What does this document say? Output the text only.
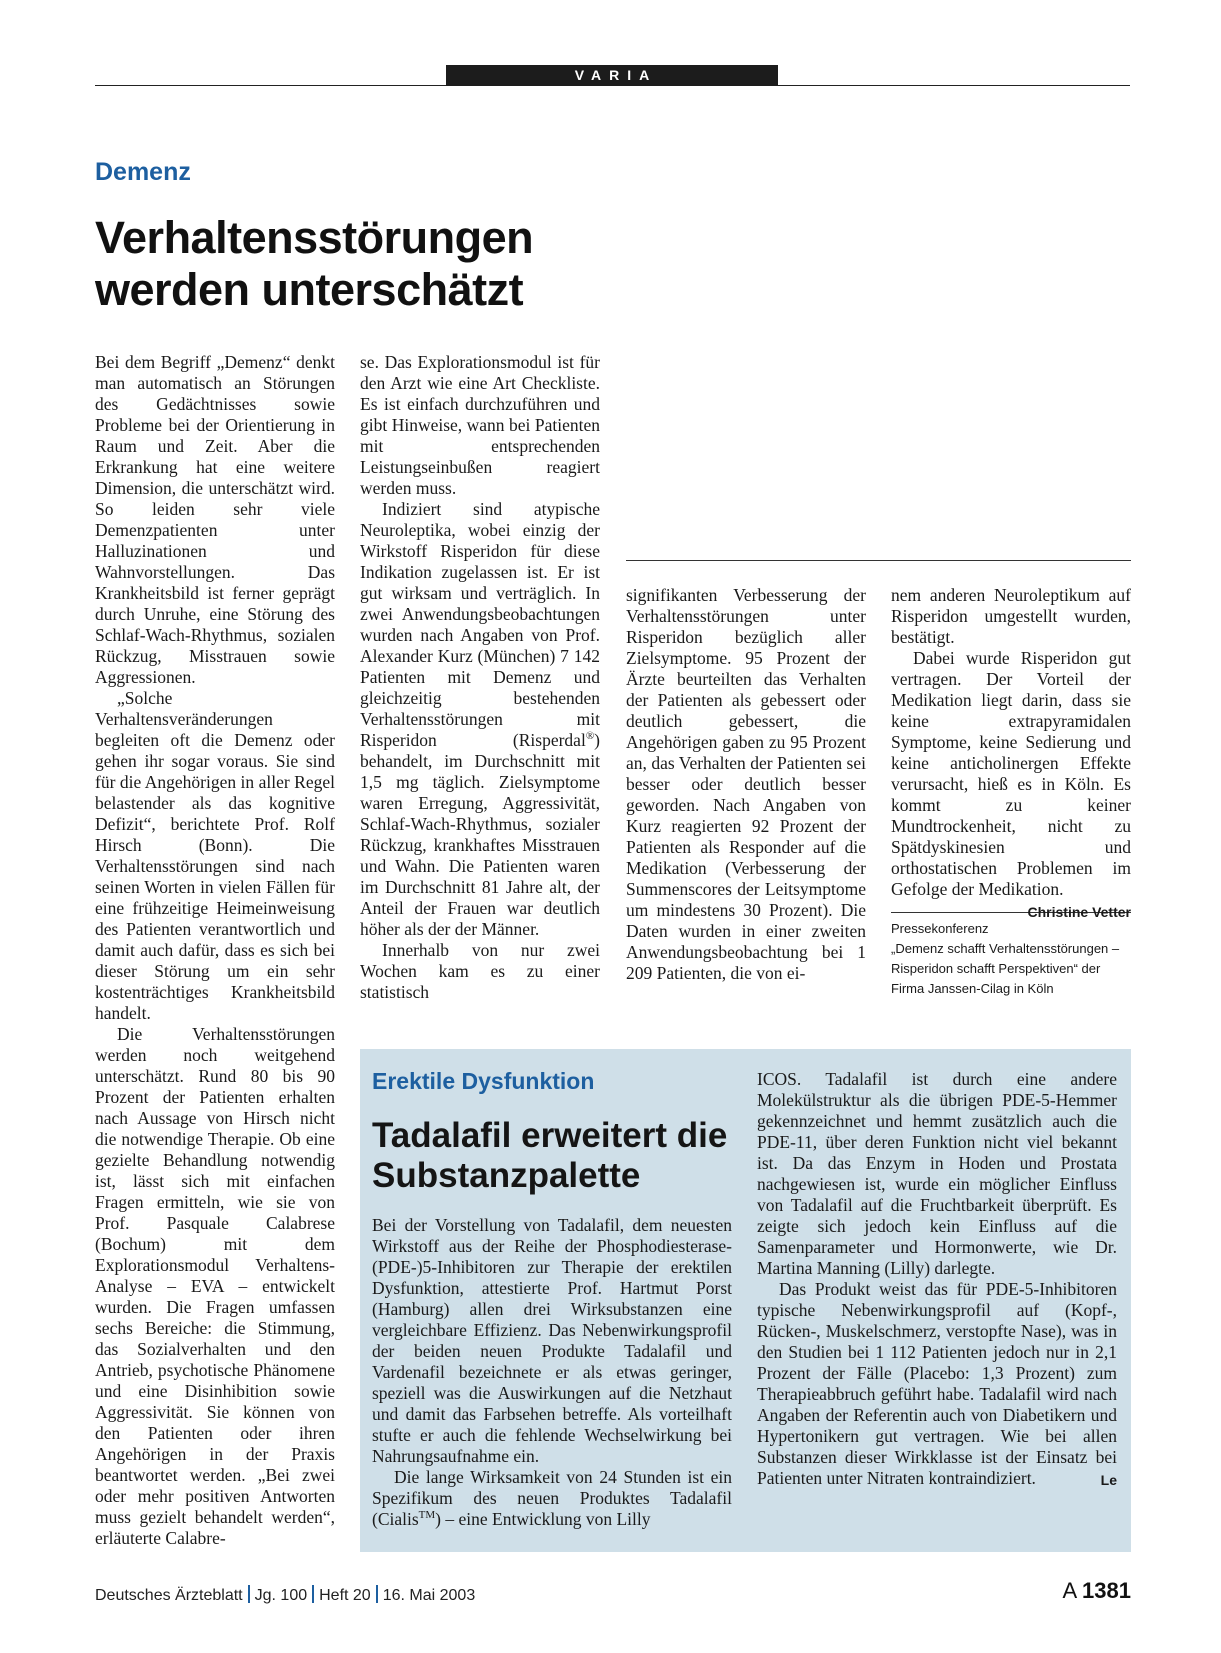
VARIA
Demenz
Verhaltensstörungen
werden unterschätzt

Bei dem Begriff „Demenz“ denkt man automatisch an Störungen des Gedächtnisses sowie Probleme bei der Orientierung in Raum und Zeit. Aber die Erkrankung hat eine weitere Dimension, die unterschätzt wird. So leiden sehr viele Demenzpatienten unter Halluzinationen und Wahnvorstellungen. Das Krankheitsbild ist ferner geprägt durch Unruhe, eine Störung des Schlaf-Wach-Rhythmus, sozialen Rückzug, Misstrauen sowie Aggressionen.

„Solche Verhaltensveränderungen begleiten oft die Demenz oder gehen ihr sogar voraus. Sie sind für die Angehörigen in aller Regel belastender als das kognitive Defizit“, berichtete Prof. Rolf Hirsch (Bonn). Die Verhaltensstörungen sind nach seinen Worten in vielen Fällen für eine frühzeitige Heimeinweisung des Patienten verantwortlich und damit auch dafür, dass es sich bei dieser Störung um ein sehr kostenträchtiges Krankheitsbild handelt.

Die Verhaltensstörungen werden noch weitgehend unterschätzt. Rund 80 bis 90 Prozent der Patienten erhalten nach Aussage von Hirsch nicht die notwendige Therapie. Ob eine gezielte Behandlung notwendig ist, lässt sich mit einfachen Fragen ermitteln, wie sie von Prof. Pasquale Calabrese (Bochum) mit dem Explorationsmodul Verhaltens-Analyse – EVA – entwickelt wurden. Die Fragen umfassen sechs Bereiche: die Stimmung, das Sozialverhalten und den Antrieb, psychotische Phänomene und eine Disinhibition sowie Aggressivität. Sie können von den Patienten oder ihren Angehörigen in der Praxis beantwortet werden. „Bei zwei oder mehr positiven Antworten muss gezielt behandelt werden“, erläuterte Calabre-

se. Das Explorationsmodul ist für den Arzt wie eine Art Checkliste. Es ist einfach durchzuführen und gibt Hinweise, wann bei Patienten mit entsprechenden Leistungseinbußen reagiert werden muss.

Indiziert sind atypische Neuroleptika, wobei einzig der Wirkstoff Risperidon für diese Indikation zugelassen ist. Er ist gut wirksam und verträglich. In zwei Anwendungsbeobachtungen wurden nach Angaben von Prof. Alexander Kurz (München) 7 142 Patienten mit Demenz und gleichzeitig bestehenden Verhaltensstörungen mit Risperidon (Risperdal®) behandelt, im Durchschnitt mit 1,5 mg täglich. Zielsymptome waren Erregung, Aggressivität, Schlaf-Wach-Rhythmus, sozialer Rückzug, krankhaftes Misstrauen und Wahn. Die Patienten waren im Durchschnitt 81 Jahre alt, der Anteil der Frauen war deutlich höher als der der Männer.

Innerhalb von nur zwei Wochen kam es zu einer statistisch

signifikanten Verbesserung der Verhaltensstörungen unter Risperidon bezüglich aller Zielsymptome. 95 Prozent der Ärzte beurteilten das Verhalten der Patienten als gebessert oder deutlich gebessert, die Angehörigen gaben zu 95 Prozent an, das Verhalten der Patienten sei besser oder deutlich besser geworden. Nach Angaben von Kurz reagierten 92 Prozent der Patienten als Responder auf die Medikation (Verbesserung der Summenscores der Leitsymptome um mindestens 30 Prozent). Die Daten wurden in einer zweiten Anwendungsbeobachtung bei 1 209 Patienten, die von ei-

nem anderen Neuroleptikum auf Risperidon umgestellt wurden, bestätigt.

Dabei wurde Risperidon gut vertragen. Der Vorteil der Medikation liegt darin, dass sie keine extrapyramidalen Symptome, keine Sedierung und keine anticholinergen Effekte verursacht, hieß es in Köln. Es kommt zu keiner Mundtrockenheit, nicht zu Spätdyskinesien und orthostatischen Problemen im Gefolge der Medikation.
Christine Vetter

Pressekonferenz „Demenz schafft Verhaltensstörungen – Risperidon schafft Perspektiven“ der Firma Janssen-Cilag in Köln
Erektile Dysfunktion
Tadalafil erweitert die
Substanzpalette

Bei der Vorstellung von Tadalafil, dem neuesten Wirkstoff aus der Reihe der Phosphodiesterase-(PDE-)5-Inhibitoren zur Therapie der erektilen Dysfunktion, attestierte Prof. Hartmut Porst (Hamburg) allen drei Wirksubstanzen eine vergleichbare Effizienz. Das Nebenwirkungsprofil der beiden neuen Produkte Tadalafil und Vardenafil bezeichnete er als etwas geringer, speziell was die Auswirkungen auf die Netzhaut und damit das Farbsehen betreffe. Als vorteilhaft stufte er auch die fehlende Wechselwirkung bei Nahrungsaufnahme ein.

Die lange Wirksamkeit von 24 Stunden ist ein Spezifikum des neuen Produktes Tadalafil (Cialis™) – eine Entwicklung von Lilly

ICOS. Tadalafil ist durch eine andere Molekülstruktur als die übrigen PDE-5-Hemmer gekennzeichnet und hemmt zusätzlich auch die PDE-11, über deren Funktion nicht viel bekannt ist. Da das Enzym in Hoden und Prostata nachgewiesen ist, wurde ein möglicher Einfluss von Tadalafil auf die Fruchtbarkeit überprüft. Es zeigte sich jedoch kein Einfluss auf die Samenparameter und Hormonwerte, wie Dr. Martina Manning (Lilly) darlegte.

Das Produkt weist das für PDE-5-Inhibitoren typische Nebenwirkungsprofil auf (Kopf-, Rücken-, Muskelschmerz, verstopfte Nase), was in den Studien bei 1 112 Patienten jedoch nur in 2,1 Prozent der Fälle (Placebo: 1,3 Prozent) zum Therapieabbruch geführt habe. Tadalafil wird nach Angaben der Referentin auch von Diabetikern und Hypertonikern gut vertragen. Wie bei allen Substanzen dieser Wirkklasse ist der Einsatz bei Patienten unter Nitraten kontraindiziert.	Le

Deutsches Ärzteblatt Jg. 100 Heft 20 16. Mai 2003	A 1381
